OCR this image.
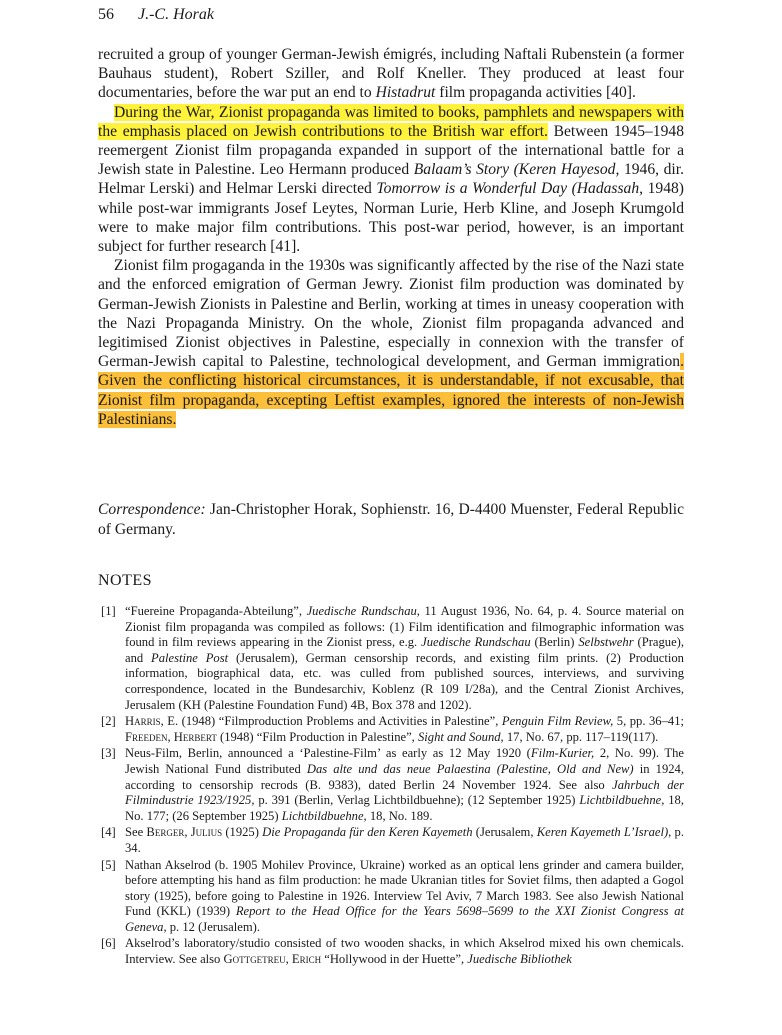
56 J.-C. Horak

recruited a group of younger German-Jewish émigrés, including Naftali Rubenstein (a former Bauhaus student), Robert Sziller, and Rolf Kneller. They produced at least four documentaries, before the war put an end to Histadrut film propaganda activities [40].

During the War, Zionist propaganda was limited to books, pamphlets and newspapers with the emphasis placed on Jewish contributions to the British war effort. Between 1945–1948 reemergent Zionist film propaganda expanded in support of the international battle for a Jewish state in Palestine. Leo Hermann produced Balaam’s Story (Keren Hayesod, 1946, dir. Helmar Lerski) and Helmar Lerski directed Tomorrow is a Wonderful Day (Hadassah, 1948) while post-war immigrants Josef Leytes, Norman Lurie, Herb Kline, and Joseph Krumgold were to make major film contributions. This post-war period, however, is an important subject for further research [41].

Zionist film progaganda in the 1930s was significantly affected by the rise of the Nazi state and the enforced emigration of German Jewry. Zionist film production was dominated by German-Jewish Zionists in Palestine and Berlin, working at times in uneasy cooperation with the Nazi Propaganda Ministry. On the whole, Zionist film propaganda advanced and legitimised Zionist objectives in Palestine, especially in connexion with the transfer of German-Jewish capital to Palestine, technological development, and German immigration. Given the conflicting historical circumstances, it is understandable, if not excusable, that Zionist film propaganda, excepting Leftist examples, ignored the interests of non-Jewish Palestinians.

Correspondence: Jan-Christopher Horak, Sophienstr. 16, D-4400 Muenster, Federal Republic of Germany.
NOTES
[1] “Fuereine Propaganda-Abteilung”, Juedische Rundschau, 11 August 1936, No. 64, p. 4. Source material on Zionist film propaganda was compiled as follows: (1) Film identification and filmographic information was found in film reviews appearing in the Zionist press, e.g. Juedische Rundschau (Berlin) Selbstwehr (Prague), and Palestine Post (Jerusalem), German censorship records, and existing film prints. (2) Production information, biographical data, etc. was culled from published sources, interviews, and surviving correspondence, located in the Bundesarchiv, Koblenz (R 109 I/28a), and the Central Zionist Archives, Jerusalem (KH (Palestine Foundation Fund) 4B, Box 378 and 1202).
[2] Harris, E. (1948) “Filmproduction Problems and Activities in Palestine”, Penguin Film Review, 5, pp. 36–41; Freeden, Herbert (1948) “Film Production in Palestine”, Sight and Sound, 17, No. 67, pp. 117–119(117).
[3] Neus-Film, Berlin, announced a ‘Palestine-Film’ as early as 12 May 1920 (Film-Kurier, 2, No. 99). The Jewish National Fund distributed Das alte und das neue Palaestina (Palestine, Old and New) in 1924, according to censorship recrods (B. 9383), dated Berlin 24 November 1924. See also Jahrbuch der Filmindustrie 1923/1925, p. 391 (Berlin, Verlag Lichtbildbuehne); (12 September 1925) Lichtbildbuehne, 18, No. 177; (26 September 1925) Lichtbildbuehne, 18, No. 189.
[4] See Berger, Julius (1925) Die Propaganda für den Keren Kayemeth (Jerusalem, Keren Kayemeth L’Israel), p. 34.
[5] Nathan Akselrod (b. 1905 Mohilev Province, Ukraine) worked as an optical lens grinder and camera builder, before attempting his hand as film production: he made Ukranian titles for Soviet films, then adapted a Gogol story (1925), before going to Palestine in 1926. Interview Tel Aviv, 7 March 1983. See also Jewish National Fund (KKL) (1939) Report to the Head Office for the Years 5698–5699 to the XXI Zionist Congress at Geneva, p. 12 (Jerusalem).
[6] Akselrod’s laboratory/studio consisted of two wooden shacks, in which Akselrod mixed his own chemicals. Interview. See also Gottgetreu, Erich “Hollywood in der Huette”, Juedische Bibliothek
